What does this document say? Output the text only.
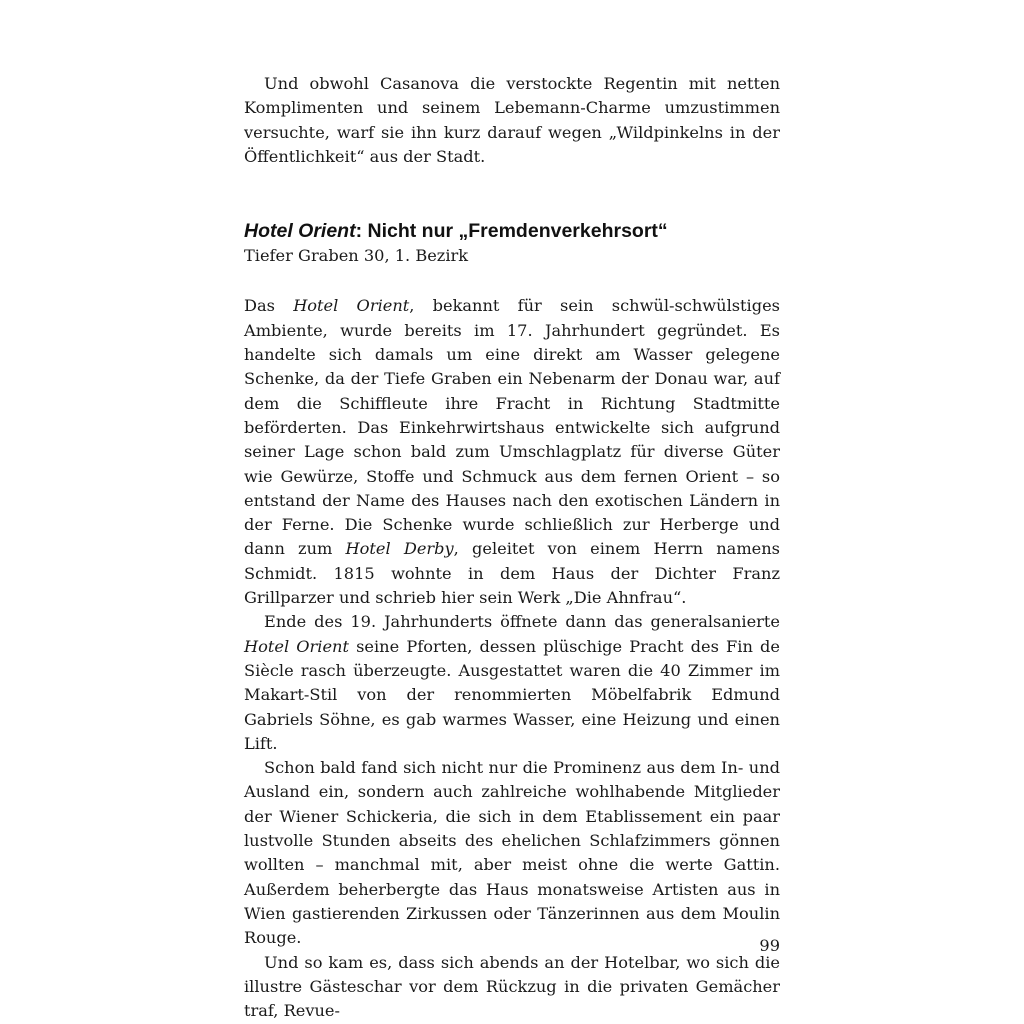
Und obwohl Casanova die verstockte Regentin mit netten Komplimenten und seinem Lebemann-Charme umzustimmen versuchte, warf sie ihn kurz darauf wegen „Wildpinkelns in der Öffentlichkeit“ aus der Stadt.

Hotel Orient: Nicht nur „Fremdenverkehrsort“

Tiefer Graben 30, 1. Bezirk

Das Hotel Orient, bekannt für sein schwül-schwülstiges Ambiente, wurde bereits im 17. Jahrhundert gegründet. Es handelte sich damals um eine direkt am Wasser gelegene Schenke, da der Tiefe Graben ein Nebenarm der Donau war, auf dem die Schiffleute ihre Fracht in Richtung Stadtmitte beförderten. Das Einkehrwirtshaus entwickelte sich aufgrund seiner Lage schon bald zum Umschlagplatz für diverse Güter wie Gewürze, Stoffe und Schmuck aus dem fernen Orient – so entstand der Name des Hauses nach den exotischen Ländern in der Ferne. Die Schenke wurde schließlich zur Herberge und dann zum Hotel Derby, geleitet von einem Herrn namens Schmidt. 1815 wohnte in dem Haus der Dichter Franz Grillparzer und schrieb hier sein Werk „Die Ahnfrau“.

Ende des 19. Jahrhunderts öffnete dann das generalsanierte Hotel Orient seine Pforten, dessen plüschige Pracht des Fin de Siècle rasch überzeugte. Ausgestattet waren die 40 Zimmer im Makart-Stil von der renommierten Möbelfabrik Edmund Gabriels Söhne, es gab warmes Wasser, eine Heizung und einen Lift.

Schon bald fand sich nicht nur die Prominenz aus dem In- und Ausland ein, sondern auch zahlreiche wohlhabende Mitglieder der Wiener Schickeria, die sich in dem Etablissement ein paar lustvolle Stunden abseits des ehelichen Schlafzimmers gönnen wollten – manchmal mit, aber meist ohne die werte Gattin. Außerdem beherbergte das Haus monatsweise Artisten aus in Wien gastierenden Zirkussen oder Tänzerinnen aus dem Moulin Rouge.

Und so kam es, dass sich abends an der Hotelbar, wo sich die illustre Gästeschar vor dem Rückzug in die privaten Gemächer traf, Revue-

99
